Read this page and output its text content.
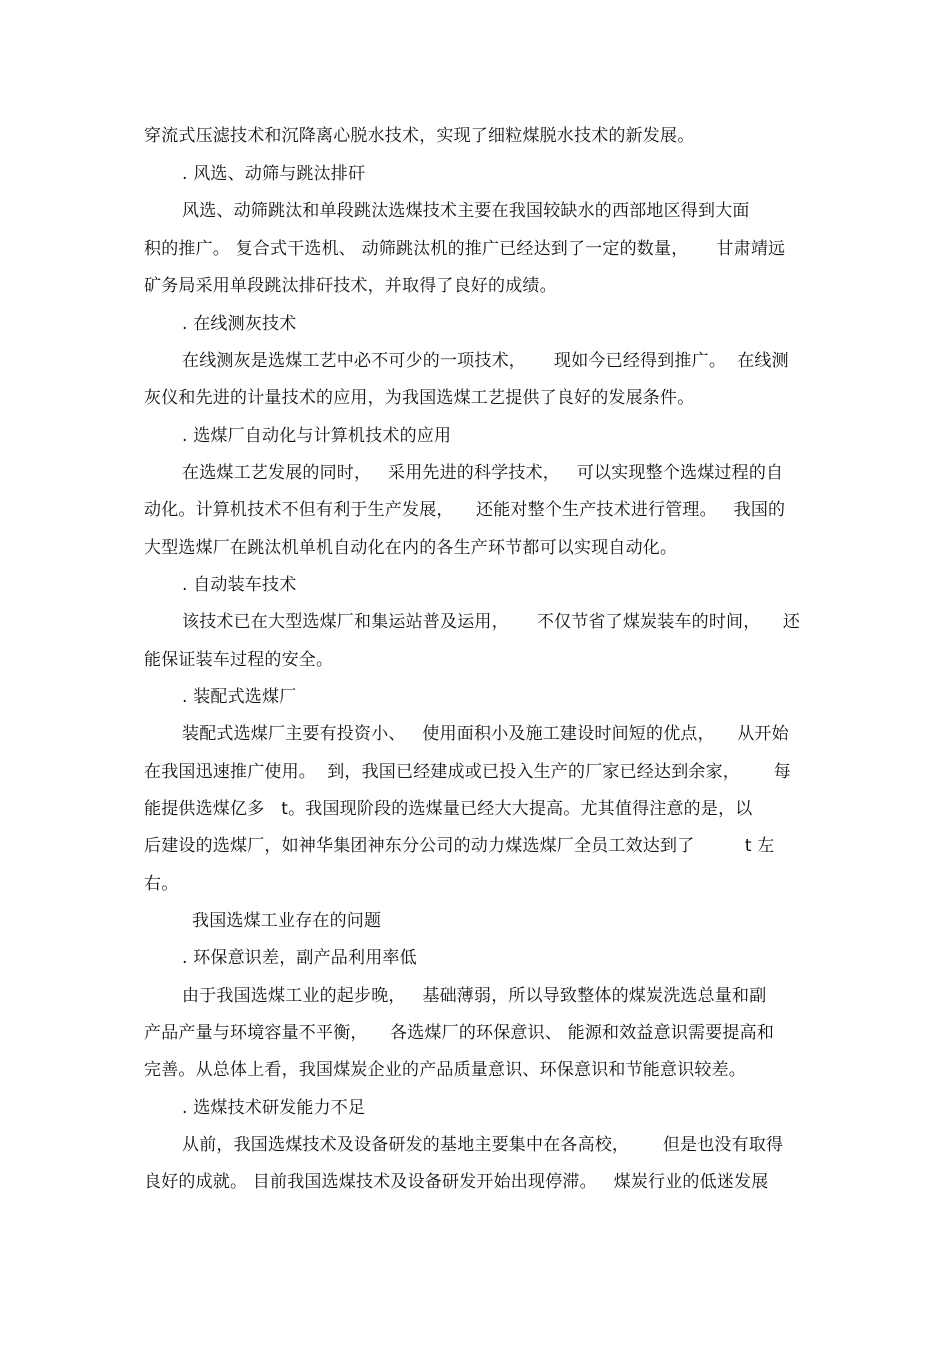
穿流式压滤技术和沉降离心脱水技术，实现了细粒煤脱水技术的新发展。
. 风选、动筛与跳汰排矸
风选、动筛跳汰和单段跳汰选煤技术主要在我国较缺水的西部地区得到大面
积的推广。 复合式干选机、 动筛跳汰机的推广已经达到了一定的数量，     甘肃靖远
矿务局采用单段跳汰排矸技术，并取得了良好的成绩。
. 在线测灰技术
在线测灰是选煤工艺中必不可少的一项技术，     现如今已经得到推广。  在线测
灰仪和先进的计量技术的应用，为我国选煤工艺提供了良好的发展条件。
. 选煤厂自动化与计算机技术的应用
在选煤工艺发展的同时，   采用先进的科学技术，   可以实现整个选煤过程的自
动化。计算机技术不但有利于生产发展，    还能对整个生产技术进行管理。   我国的
大型选煤厂在跳汰机单机自动化在内的各生产环节都可以实现自动化。
. 自动装车技术
该技术已在大型选煤厂和集运站普及运用，     不仅节省了煤炭装车的时间，    还
能保证装车过程的安全。
. 装配式选煤厂
装配式选煤厂主要有投资小、   使用面积小及施工建设时间短的优点，    从开始
在我国迅速推广使用。  到，我国已经建成或已投入生产的厂家已经达到余家，      每
能提供选煤亿多   t。我国现阶段的选煤量已经大大提高。尤其值得注意的是，以
后建设的选煤厂，如神华集团神东分公司的动力煤选煤厂全员工效达到了         t 左
右。
我国选煤工业存在的问题
. 环保意识差，副产品利用率低
由于我国选煤工业的起步晚，   基础薄弱，所以导致整体的煤炭洗选总量和副
产品产量与环境容量不平衡，    各选煤厂的环保意识、 能源和效益意识需要提高和
完善。从总体上看，我国煤炭企业的产品质量意识、环保意识和节能意识较差。
. 选煤技术研发能力不足
从前，我国选煤技术及设备研发的基地主要集中在各高校，      但是也没有取得
良好的成就。 目前我国选煤技术及设备研发开始出现停滞。   煤炭行业的低迷发展
